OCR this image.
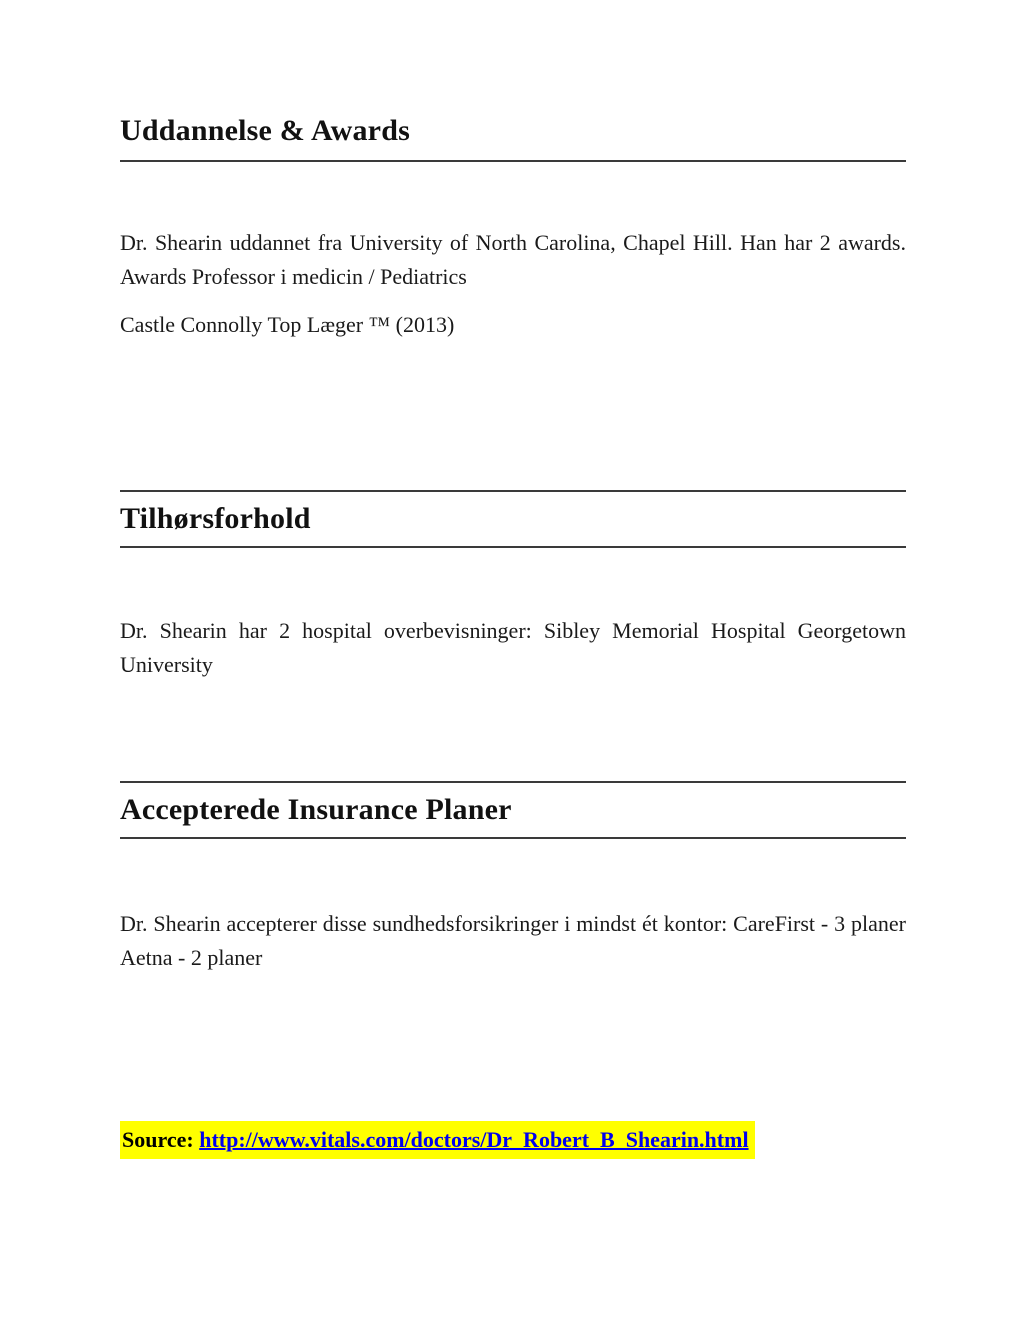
Uddannelse & Awards

Dr. Shearin uddannet fra University of North Carolina, Chapel Hill. Han har 2 awards. Awards Professor i medicin / Pediatrics

Castle Connolly Top Læger ™ (2013)

Tilhørsforhold

Dr. Shearin har 2 hospital overbevisninger: Sibley Memorial Hospital Georgetown University

Accepterede Insurance Planer

Dr. Shearin accepterer disse sundhedsforsikringer i mindst ét kontor: CareFirst - 3 planer Aetna - 2 planer

Source: http://www.vitals.com/doctors/Dr_Robert_B_Shearin.html
